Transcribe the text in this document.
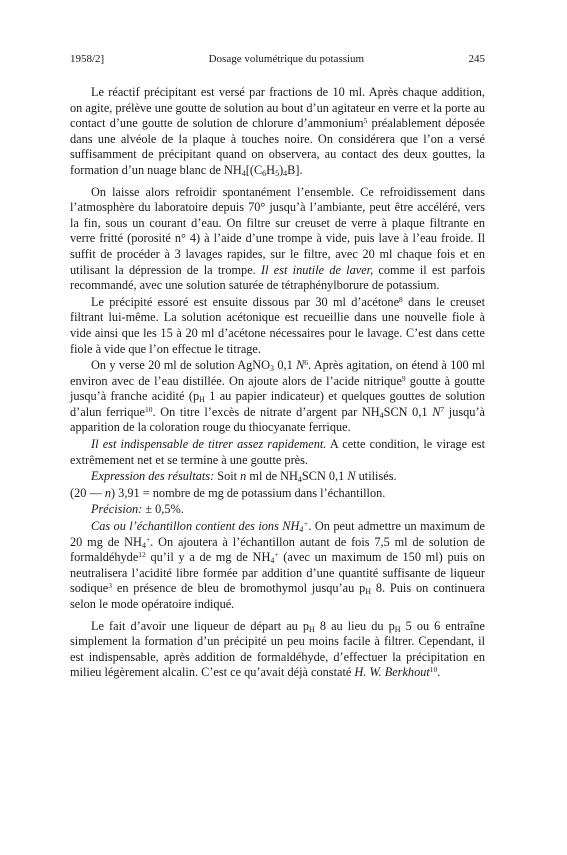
1958/2]	Dosage volumétrique du potassium	245

Le réactif précipitant est versé par fractions de 10 ml. Après chaque addition, on agite, prélève une goutte de solution au bout d’un agitateur en verre et la porte au contact d’une goutte de solution de chlorure d’ammonium$^5$ préalablement déposée dans une alvéole de la plaque à touches noire. On considérera que l’on a versé suffisamment de précipitant quand on observera, au contact des deux gouttes, la formation d’un nuage blanc de $NH_4[(C_6H_5)_4B]$.

On laisse alors refroidir spontanément l’ensemble. Ce refroidissement dans l’atmosphère du laboratoire depuis 70° jusqu’à l’ambiante, peut être accéléré, vers la fin, sous un courant d’eau. On filtre sur creuset de verre à plaque filtrante en verre fritté (porosité n° 4) à l’aide d’une trompe à vide, puis lave à l’eau froide. Il suffit de procéder à 3 lavages rapides, sur le filtre, avec 20 ml chaque fois et en utilisant la dépression de la trompe. Il est inutile de laver, comme il est parfois recommandé, avec une solution saturée de tétraphénylborure de potassium.

Le précipité essoré est ensuite dissous par 30 ml d’acétone$^8$ dans le creuset filtrant lui-même. La solution acétonique est recueillie dans une nouvelle fiole à vide ainsi que les 15 à 20 ml d’acétone nécessaires pour le lavage. C’est dans cette fiole à vide que l’on effectue le titrage.

On y verse 20 ml de solution AgNO$_3$ 0,1 $N^6$. Après agitation, on étend à 100 ml environ avec de l’eau distillée. On ajoute alors de l’acide nitrique$^9$ goutte à goutte jusqu’à franche acidité ($p_H$ 1 au papier indicateur) et quelques gouttes de solution d’alun ferrique$^{10}$. On titre l’excès de nitrate d’argent par $NH_4SCN$ 0,1 $N^7$ jusqu’à apparition de la coloration rouge du thiocyanate ferrique.

Il est indispensable de titrer assez rapidement. A cette condition, le virage est extrêmement net et se termine à une goutte près.

Expression des résultats: Soit n ml de $NH_4SCN$ 0,1 N utilisés.

(20 — n) 3,91 = nombre de mg de potassium dans l’échantillon.

Précision: ± 0,5%.

Cas ou l’échantillon contient des ions $NH_4^+$. On peut admettre un maximum de 20 mg de $NH_4^+$. On ajoutera à l’échantillon autant de fois 7,5 ml de solution de formaldéhyde$^{12}$ qu’il y a de mg de $NH_4^+$ (avec un maximum de 150 ml) puis on neutralisera l’acidité libre formée par addition d’une quantité suffisante de liqueur sodique$^3$ en présence de bleu de bromothymol jusqu’au $p_H$ 8. Puis on continuera selon le mode opératoire indiqué.

Le fait d’avoir une liqueur de départ au $p_H$ 8 au lieu du $p_H$ 5 ou 6 entraîne simplement la formation d’un précipité un peu moins facile à filtrer. Cependant, il est indispensable, après addition de formaldéhyde, d’effectuer la précipitation en milieu légèrement alcalin. C’est ce qu’avait déjà constaté H. W. Berkhout$^{10}$.
